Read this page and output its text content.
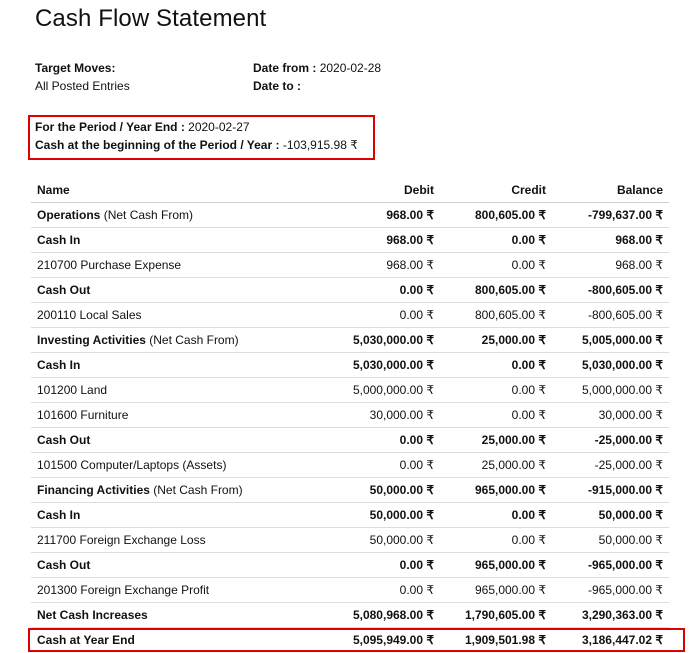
Cash Flow Statement
Target Moves:
All Posted Entries
Date from : 2020-02-28
Date to :
For the Period / Year End : 2020-02-27
Cash at the beginning of the Period / Year : -103,915.98 ₹
Name	Debit	Credit	Balance
Operations (Net Cash From)	968.00 ₹	800,605.00 ₹	-799,637.00 ₹
Cash In	968.00 ₹	0.00 ₹	968.00 ₹
210700 Purchase Expense	968.00 ₹	0.00 ₹	968.00 ₹
Cash Out	0.00 ₹	800,605.00 ₹	-800,605.00 ₹
200110 Local Sales	0.00 ₹	800,605.00 ₹	-800,605.00 ₹
Investing Activities (Net Cash From)	5,030,000.00 ₹	25,000.00 ₹	5,005,000.00 ₹
Cash In	5,030,000.00 ₹	0.00 ₹	5,030,000.00 ₹
101200 Land	5,000,000.00 ₹	0.00 ₹	5,000,000.00 ₹
101600 Furniture	30,000.00 ₹	0.00 ₹	30,000.00 ₹
Cash Out	0.00 ₹	25,000.00 ₹	-25,000.00 ₹
101500 Computer/Laptops (Assets)	0.00 ₹	25,000.00 ₹	-25,000.00 ₹
Financing Activities (Net Cash From)	50,000.00 ₹	965,000.00 ₹	-915,000.00 ₹
Cash In	50,000.00 ₹	0.00 ₹	50,000.00 ₹
211700 Foreign Exchange Loss	50,000.00 ₹	0.00 ₹	50,000.00 ₹
Cash Out	0.00 ₹	965,000.00 ₹	-965,000.00 ₹
201300 Foreign Exchange Profit	0.00 ₹	965,000.00 ₹	-965,000.00 ₹
Net Cash Increases	5,080,968.00 ₹	1,790,605.00 ₹	3,290,363.00 ₹
Cash at Year End	5,095,949.00 ₹	1,909,501.98 ₹	3,186,447.02 ₹
